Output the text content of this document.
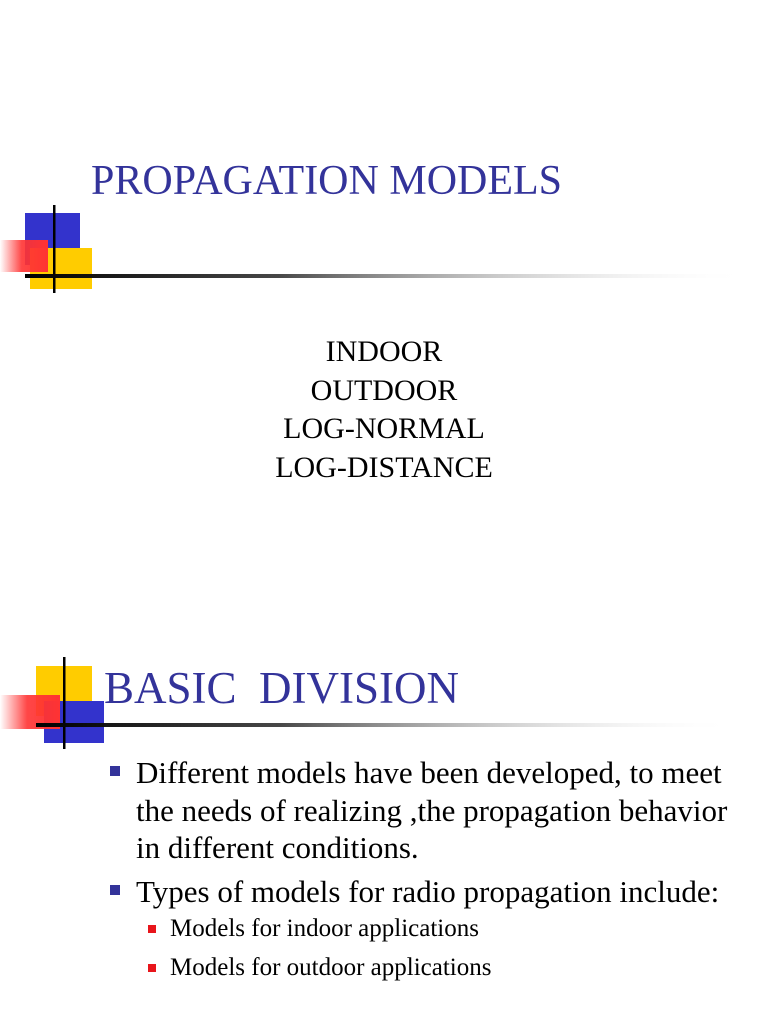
PROPAGATION MODELS
INDOOR
OUTDOOR
LOG-NORMAL
LOG-DISTANCE
BASIC  DIVISION
Different models have been developed, to meet the needs of realizing ,the propagation behavior in different conditions.
Types of models for radio propagation include:
Models for indoor applications
Models for outdoor applications
